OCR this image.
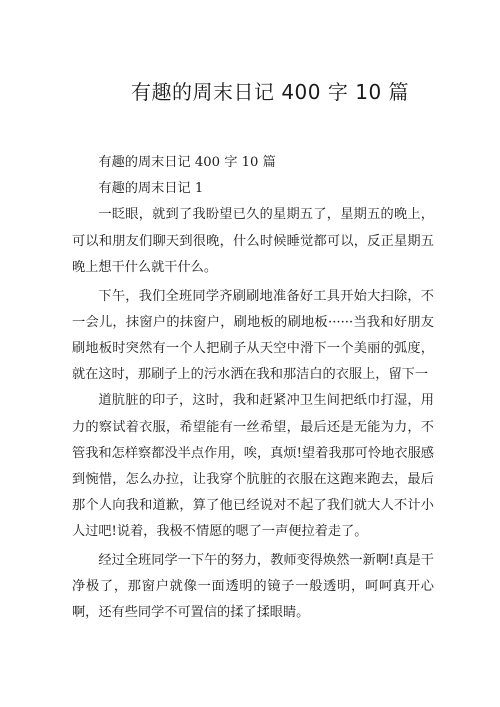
有趣的周末日记 400 字 10 篇

有趣的周末日记 400 字 10 篇

有趣的周末日记 1

一眨眼，就到了我盼望已久的星期五了，星期五的晚上，可以和朋友们聊天到很晚，什么时候睡觉都可以，反正星期五晚上想干什么就干什么。

下午，我们全班同学齐刷刷地准备好工具开始大扫除，不一会儿，抹窗户的抹窗户，刷地板的刷地板······当我和好朋友刷地板时突然有一个人把刷子从天空中滑下一个美丽的弧度，就在这时，那刷子上的污水洒在我和那洁白的衣服上，留下一

道肮脏的印子，这时，我和赶紧冲卫生间把纸巾打湿，用力的察试着衣服，希望能有一丝希望，最后还是无能为力，不管我和怎样察都没半点作用，唉，真烦!望着我那可怜地衣服感到惋惜，怎么办拉，让我穿个肮脏的衣服在这跑来跑去，最后那个人向我和道歉，算了他已经说对不起了我们就大人不计小人过吧!说着，我极不情愿的嗯了一声便拉着走了。

经过全班同学一下午的努力，教师变得焕然一新啊!真是干净极了，那窗户就像一面透明的镜子一般透明，呵呵真开心啊，还有些同学不可置信的揉了揉眼睛。
